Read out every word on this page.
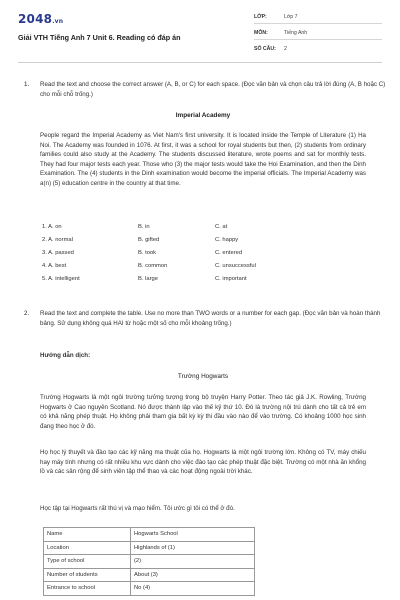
2048.vn
Giải VTH Tiếng Anh 7 Unit 6. Reading có đáp án
LỚP:	Lớp 7
MÔN:	Tiếng Anh
SỐ CÂU: 2
1. Read the text and choose the correct answer (A, B, or C) for each space. (Đọc văn bản và chọn câu trả lời đúng (A, B hoặc C) cho mỗi chỗ trống.)
Imperial Academy
People regard the Imperial Academy as Viet Nam's first university. It is located inside the Temple of Literature (1) Ha Noi. The Academy was founded in 1076. At first, it was a school for royal students but then, (2) students from ordinary families could also study at the Academy. The students discussed literature, wrote poems and sat for monthly tests. They had four major tests each year. Those who (3) the major tests would take the Hoi Examination, and then the Dinh Examination. The (4) students in the Dinh examination would become the imperial officials. The Imperial Academy was a(n) (5) education centre in the country at that time.
1. A. on	B. in	C. at
2. A. normal	B. gifted	C. happy
3. A. passed	B. took	C. entered
4. A. best	B. common	C. unsuccessful
5. A. intelligent	B. large	C. important
2. Read the text and complete the table. Use no more than TWO words or a number for each gap. (Đọc văn bản và hoàn thành bảng. Sử dụng không quá HAI từ hoặc một số cho mỗi khoảng trống.)
Hướng dẫn dịch:
Trường Hogwarts
Trường Hogwarts là một ngôi trường tưởng tượng trong bộ truyện Harry Potter. Theo tác giả J.K. Rowling, Trường Hogwarts ở Cao nguyên Scotland. Nó được thành lập vào thế kỷ thứ 10. Đó là trường nội trú dành cho tất cả trẻ em có khả năng phép thuật. Họ không phải tham gia bất kỳ kỳ thi đầu vào nào để vào trường. Có khoảng 1000 học sinh đang theo học ở đó.
Họ học lý thuyết và đào tạo các kỹ năng ma thuật của họ. Hogwarts là một ngôi trường lớn. Không có TV, máy chiếu hay máy tính nhưng có rất nhiều khu vực dành cho việc đào tạo các phép thuật đặc biệt. Trường có một nhà ăn khổng lồ và các sân rộng để sinh viên tập thể thao và các hoạt động ngoài trời khác.
Học tập tại Hogwarts rất thú vị và mạo hiểm. Tôi ước gì tôi có thể ở đó.
Name	Hogwarts School
Location	Highlands of (1)
Type of school	(2)
Number of students	About (3)
Entrance to school	No (4)
